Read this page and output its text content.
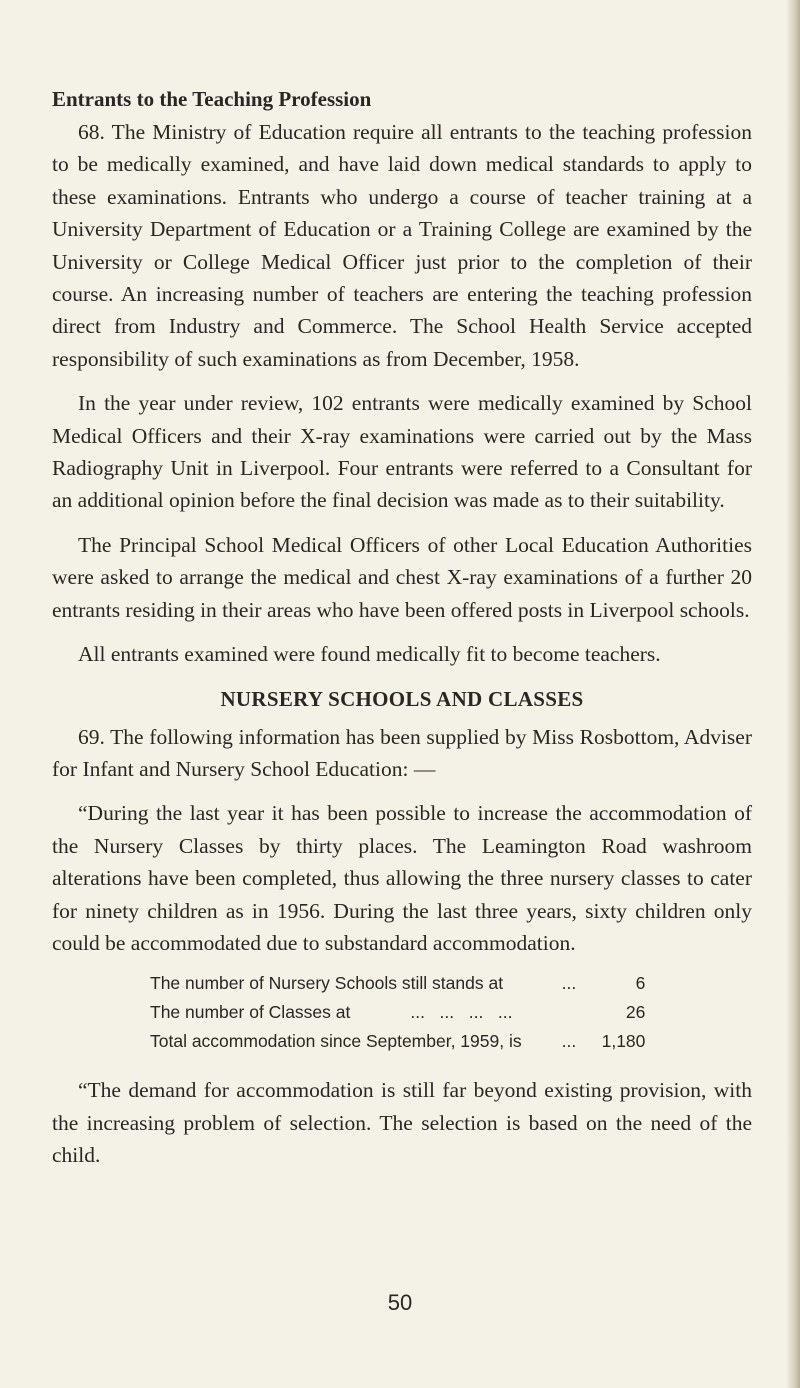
Entrants to the Teaching Profession

68. The Ministry of Education require all entrants to the teaching profession to be medically examined, and have laid down medical standards to apply to these examinations. Entrants who undergo a course of teacher training at a University Department of Education or a Training College are examined by the University or College Medical Officer just prior to the completion of their course. An increasing number of teachers are entering the teaching profession direct from Industry and Commerce. The School Health Service accepted responsibility of such examinations as from December, 1958.

In the year under review, 102 entrants were medically examined by School Medical Officers and their X-ray examinations were carried out by the Mass Radiography Unit in Liverpool. Four entrants were referred to a Consultant for an additional opinion before the final decision was made as to their suitability.

The Principal School Medical Officers of other Local Education Authorities were asked to arrange the medical and chest X-ray examinations of a further 20 entrants residing in their areas who have been offered posts in Liverpool schools.

All entrants examined were found medically fit to become teachers.

NURSERY SCHOOLS AND CLASSES

69. The following information has been supplied by Miss Rosbottom, Adviser for Infant and Nursery School Education: —

“During the last year it has been possible to increase the accommodation of the Nursery Classes by thirty places. The Leamington Road washroom alterations have been completed, thus allowing the three nursery classes to cater for ninety children as in 1956. During the last three years, sixty children only could be accommodated due to substandard accommodation.

The number of Nursery Schools still stands at	...	6
The number of Classes at ...   ...   ...   ...		26
Total accommodation since September, 1959, is	...	1,180

“The demand for accommodation is still far beyond existing provision, with the increasing problem of selection. The selection is based on the need of the child.

50
